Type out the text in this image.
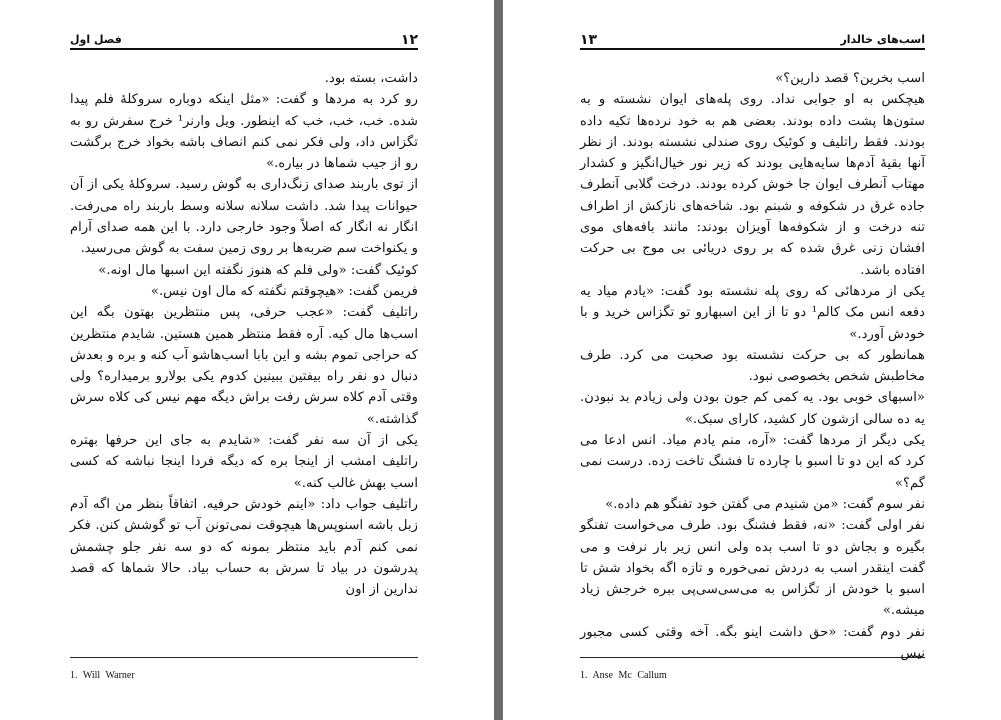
فصل اول	۱۲

داشت، بسته بود.

رو کرد به مردها و گفت: «مثل اینکه دوباره سروکلهٔ فلم پیدا شده. خب، خب، خب که اینطور. ویل وارنر¹ خرج سفرش رو به تگزاس داد، ولی فکر نمی کنم انصاف باشه بخواد خرج برگشت رو از جیب شماها در بیاره.»

از توی باربند صدای زنگ‌داری به گوش رسید. سروکلهٔ یکی از آن حیوانات پیدا شد. داشت سلانه سلانه وسط باربند راه می‌رفت. انگار نه انگار که اصلاً وجود خارجی دارد. با این همه صدای آرام و یکنواخت سم ضربه‌ها بر روی زمین سفت به گوش می‌رسید.

کوئیک گفت: «ولی فلم که هنوز نگفته این اسبها مال اونه.»

فریمن گفت: «هیچوقتم نگفته که مال اون نیس.»

راتلیف گفت: «عجب حرفی، پس منتظرین بهتون بگه این اسب‌ها مال کیه. آره فقط منتظر همین هستین. شایدم منتظرین که حراجی تموم بشه و این بابا اسب‌هاشو آب کنه و بره و بعدش دنبال دو نفر راه بیفتین ببینین کدوم یکی بولارو برمیداره؟ ولی وقتی آدم کلاه سرش رفت براش دیگه مهم نیس کی کلاه سرش گذاشته.»

یکی از آن سه نفر گفت: «شایدم به جای این حرفها بهتره راتلیف امشب از اینجا بره که دیگه فردا اینجا نباشه که کسی اسب بهش غالب کنه.»

راتلیف جواب داد: «اینم خودش حرفیه. اتفاقاً بنظر من اگه آدم زبل باشه اسنوپس‌ها هیچوقت نمی‌تونن آب تو گوشش کنن. فکر نمی کنم آدم باید منتظر بمونه که دو سه نفر جلو چشمش پدرشون در بیاد تا سرش به حساب بیاد. حالا شماها که قصد ندارین از اون

1. Will Warner
۱۳	اسب‌های خالدار

اسب بخرین؟ قصد دارین؟»

هیچکس به او جوابی نداد. روی پله‌های ایوان نشسته و به ستون‌ها پشت داده بودند. بعضی هم به خود نرده‌ها تکیه داده بودند. فقط راتلیف و کوئیک روی صندلی نشسته بودند. از نظر آنها بقیهٔ آدم‌ها سایه‌هایی بودند که زیر نور خیال‌انگیز و کشدار مهتاب آنطرف ایوان جا خوش کرده بودند. درخت گلابی آنطرف جاده غرق در شکوفه و شبنم بود. شاخه‌های نازکش از اطراف تنه درخت و از شکوفه‌ها آویزان بودند: مانند بافه‌های موی افشان زنی غرق شده که بر روی دریائی بی موج بی حرکت افتاده باشد.

یکی از مردهائی که روی پله نشسته بود گفت: «یادم میاد یه دفعه انس مک کالم¹ دو تا از این اسبهارو تو تگزاس خرید و با خودش آورد.»

همانطور که بی حرکت نشسته بود صحبت می کرد. طرف مخاطبش شخص بخصوصی نبود.

«اسبهای خوبی بود. یه کمی کم جون بودن ولی زیادم بد نبودن. یه ده سالی ازشون کار کشید، کارای سبک.»

یکی دیگر از مردها گفت: «آره، منم یادم میاد. انس ادعا می کرد که این دو تا اسبو با چارده تا فشنگ تاخت زده. درست نمی گم؟»

نفر سوم گفت: «من شنیدم می گفتن خود تفنگو هم داده.»

نفر اولی گفت: «نه، فقط فشنگ بود. طرف می‌خواست تفنگو بگیره و بجاش دو تا اسب بده ولی انس زیر بار نرفت و می گفت اینقدر اسب به دردش نمی‌خوره و تازه اگه بخواد شش تا اسبو با خودش از تگزاس به می‌سی‌سی‌پی ببره خرجش زیاد میشه.»

نفر دوم گفت: «حق داشت اینو بگه. آخه وقتی کسی مجبور نیس

1. Anse Mc Callum
